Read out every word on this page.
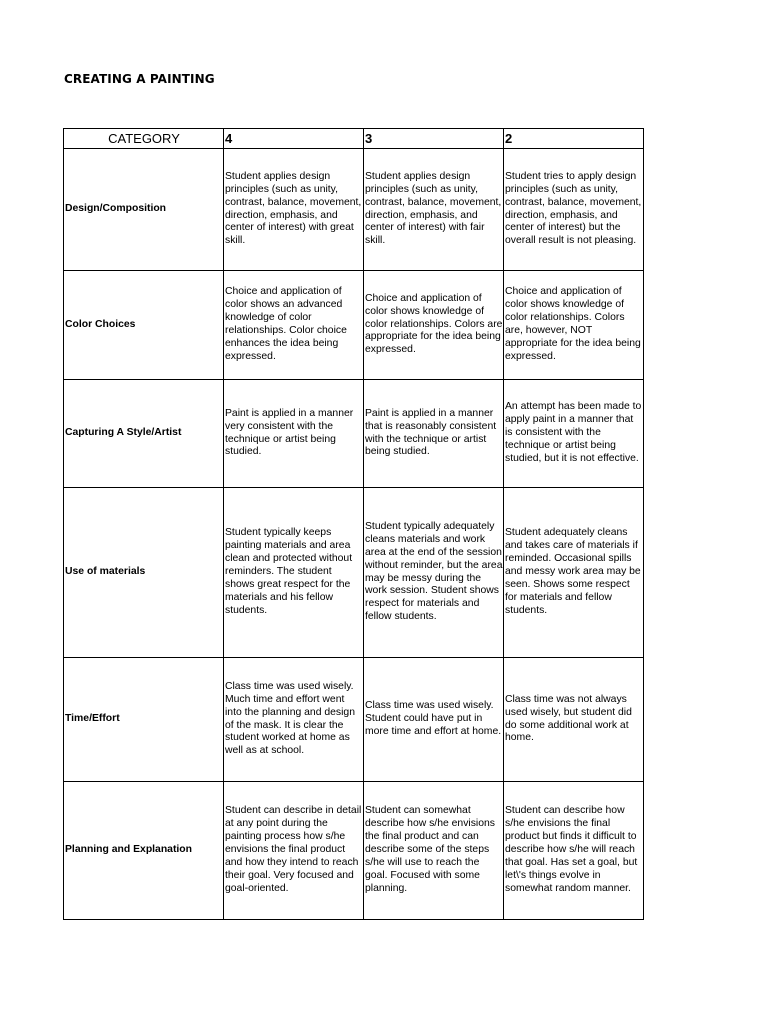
CREATING A PAINTING
CATEGORY	4	3	2
Design/Composition	Student applies design principles (such as unity, contrast, balance, movement, direction, emphasis, and center of interest) with great skill.	Student applies design principles (such as unity, contrast, balance, movement, direction, emphasis, and center of interest) with fair skill.	Student tries to apply design principles (such as unity, contrast, balance, movement, direction, emphasis, and center of interest) but the overall result is not pleasing.
Color Choices	Choice and application of color shows an advanced knowledge of color relationships. Color choice enhances the idea being expressed.	Choice and application of color shows knowledge of color relationships. Colors are appropriate for the idea being expressed.	Choice and application of color shows knowledge of color relationships. Colors are, however, NOT appropriate for the idea being expressed.
Capturing A Style/Artist	Paint is applied in a manner very consistent with the technique or artist being studied.	Paint is applied in a manner that is reasonably consistent with the technique or artist being studied.	An attempt has been made to apply paint in a manner that is consistent with the technique or artist being studied, but it is not effective.
Use of materials	Student typically keeps painting materials and area clean and protected without reminders. The student shows great respect for the materials and his fellow students.	Student typically adequately cleans materials and work area at the end of the session without reminder, but the area may be messy during the work session. Student shows respect for materials and fellow students.	Student adequately cleans and takes care of materials if reminded. Occasional spills and messy work area may be seen. Shows some respect for materials and fellow students.
Time/Effort	Class time was used wisely. Much time and effort went into the planning and design of the mask. It is clear the student worked at home as well as at school.	Class time was used wisely. Student could have put in more time and effort at home.	Class time was not always used wisely, but student did do some additional work at home.
Planning and Explanation	Student can describe in detail at any point during the painting process how s/he envisions the final product and how they intend to reach their goal. Very focused and goal-oriented.	Student can somewhat describe how s/he envisions the final product and can describe some of the steps s/he will use to reach the goal. Focused with some planning.	Student can describe how s/he envisions the final product but finds it difficult to describe how s/he will reach that goal. Has set a goal, but let\'s things evolve in somewhat random manner.
